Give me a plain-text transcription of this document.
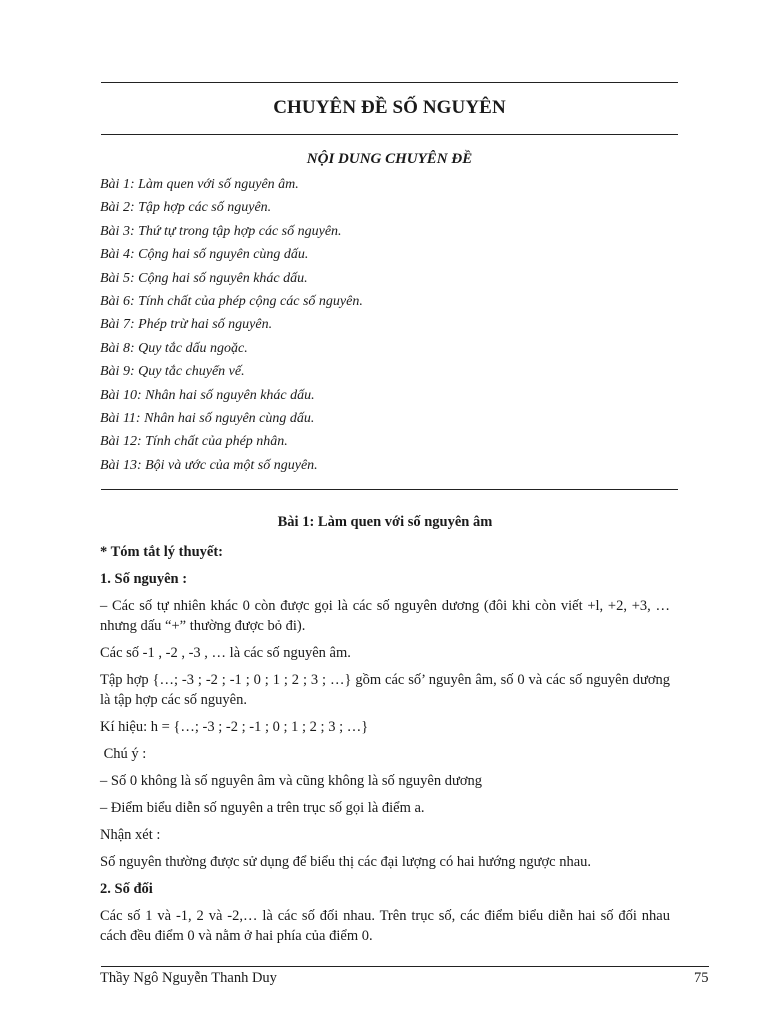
CHUYÊN ĐỀ SỐ NGUYÊN
NỘI DUNG CHUYÊN ĐỀ
Bài 1: Làm quen với số nguyên âm.
Bài 2: Tập hợp các số nguyên.
Bài 3: Thứ tự trong tập hợp các số nguyên.
Bài 4: Cộng hai số nguyên cùng dấu.
Bài 5: Cộng hai số nguyên khác dấu.
Bài 6: Tính chất của phép cộng các số nguyên.
Bài 7: Phép trừ hai số nguyên.
Bài 8: Quy tắc dấu ngoặc.
Bài 9: Quy tắc chuyển vế.
Bài 10: Nhân hai số nguyên khác dấu.
Bài 11: Nhân hai số nguyên cùng dấu.
Bài 12: Tính chất của phép nhân.
Bài 13: Bội và ước của một số nguyên.
Bài 1: Làm quen với số nguyên âm

* Tóm tắt lý thuyết:

1. Số nguyên :

– Các số tự nhiên khác 0 còn được gọi là các số nguyên dương (đôi khi còn viết +l, +2, +3, … nhưng dấu “+” thường được bỏ đi).

Các số -1 , -2 , -3 , … là các số nguyên âm.

Tập hợp {…; -3 ; -2 ; -1 ; 0 ; 1 ; 2 ; 3 ; …} gồm các số’ nguyên âm, số 0 và các số nguyên dương là tập hợp các số nguyên.

Kí hiệu: h = {…; -3 ; -2 ; -1 ; 0 ; 1 ; 2 ; 3 ; …}

Chú ý :

– Số 0 không là số nguyên âm và cũng không là số nguyên dương

– Điểm biểu diễn số nguyên a trên trục số gọi là điểm a.

Nhận xét :

Số nguyên thường được sử dụng để biểu thị các đại lượng có hai hướng ngược nhau.

2. Số đối

Các số 1 và -1, 2 và -2,… là các số đối nhau. Trên trục số, các điểm biểu diễn hai số đối nhau cách đều điểm 0 và nằm ở hai phía của điểm 0.

Thầy Ngô Nguyễn Thanh Duy	75
